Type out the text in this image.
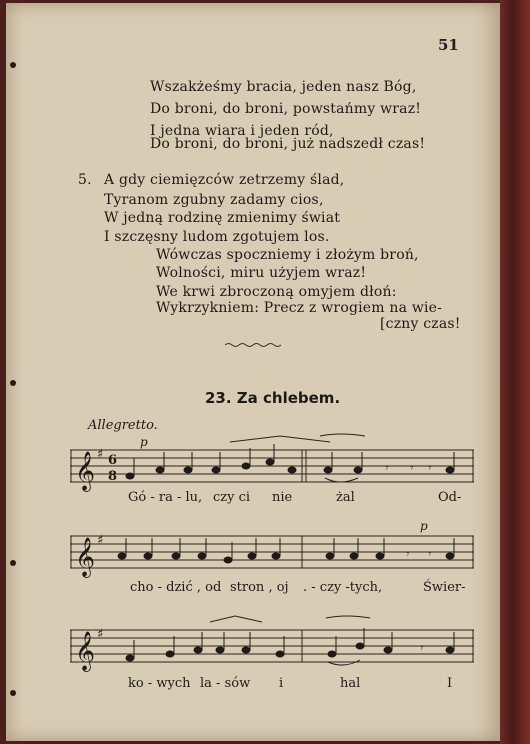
51
Wszakżeśmy bracia, jeden nasz Bóg,
Do broni, do broni, powstańmy wraz!
I jedna wiara i jeden ród,
Do broni, do broni, już nadszedł czas!
5. A gdy ciemięzców zetrzemy ślad,
Tyranom zgubny zadamy cios,
W jedną rodzinę zmienimy świat
I szczęsny ludom zgotujem los.
Wówczas spoczniemy i złożym broń,
Wolności, miru użyjem wraz!
We krwi zbroczoną omyjem dłoń:
Wykrzykniem: Precz z wrogiem na wie-
[czny czas!
23. Za chlebem.
Allegretto.
𝄞 ♯ 6
8
p
𝄾 𝄾 𝄾
Gó - ra - lu, czy ci nie	żal	Od-
𝄞 ♯
p
𝄾 𝄾
cho - dzić , od stron , oj . - czy -tych,	Świer-
𝄞 ♯
𝄾
ko - wych la - sów i	hal	I
